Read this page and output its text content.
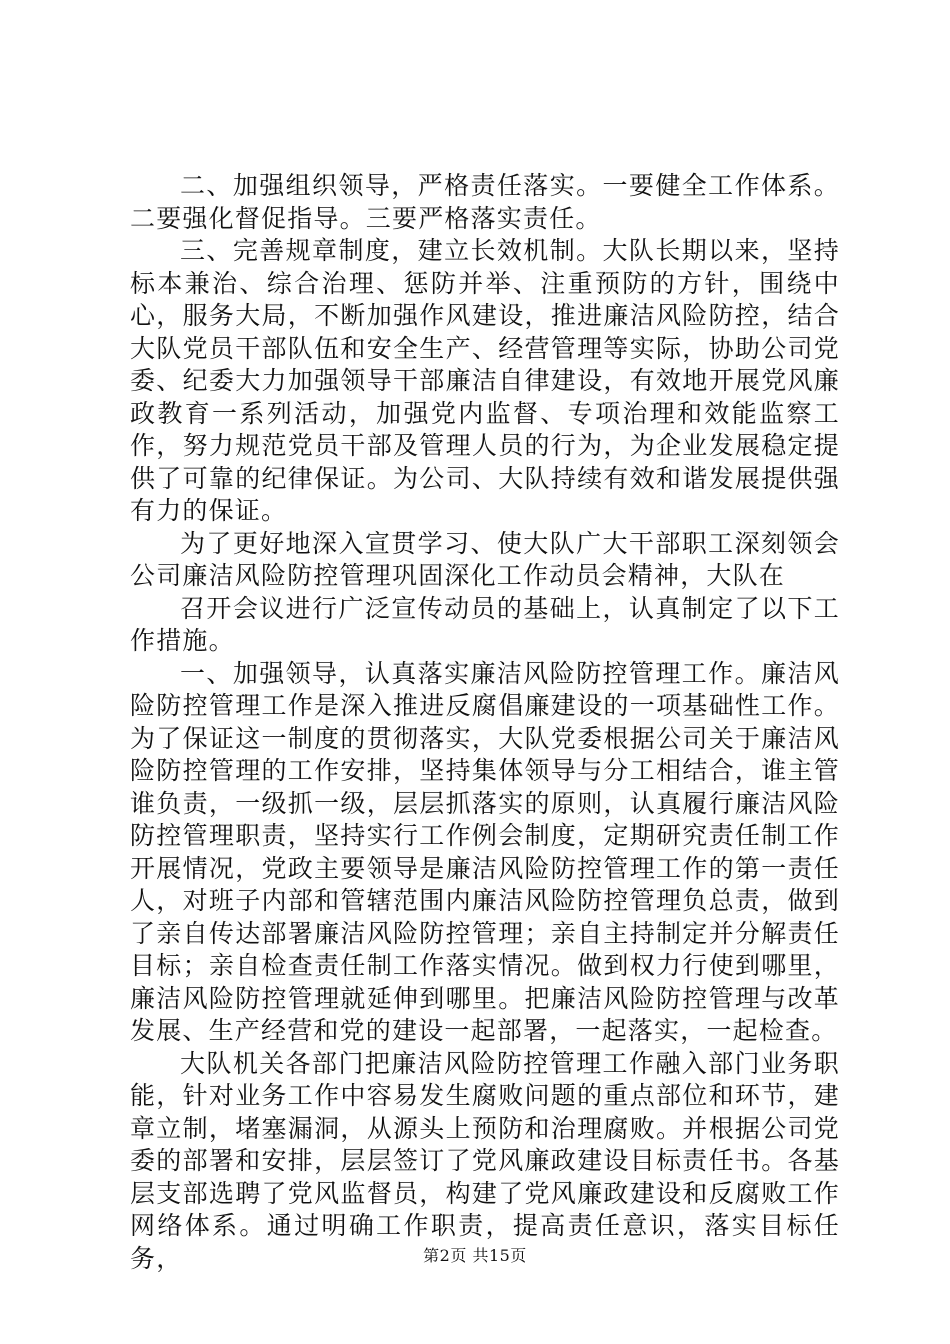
二、加强组织领导，严格责任落实。一要健全工作体系。二要强化督促指导。三要严格落实责任。

三、完善规章制度，建立长效机制。大队长期以来，坚持标本兼治、综合治理、惩防并举、注重预防的方针，围绕中心，服务大局，不断加强作风建设，推进廉洁风险防控，结合大队党员干部队伍和安全生产、经营管理等实际，协助公司党委、纪委大力加强领导干部廉洁自律建设，有效地开展党风廉政教育一系列活动，加强党内监督、专项治理和效能监察工作，努力规范党员干部及管理人员的行为，为企业发展稳定提供了可靠的纪律保证。为公司、大队持续有效和谐发展提供强有力的保证。

为了更好地深入宣贯学习、使大队广大干部职工深刻领会公司廉洁风险防控管理巩固深化工作动员会精神，大队在

召开会议进行广泛宣传动员的基础上，认真制定了以下工作措施。

一、加强领导，认真落实廉洁风险防控管理工作。廉洁风险防控管理工作是深入推进反腐倡廉建设的一项基础性工作。为了保证这一制度的贯彻落实，大队党委根据公司关于廉洁风险防控管理的工作安排，坚持集体领导与分工相结合，谁主管谁负责，一级抓一级，层层抓落实的原则，认真履行廉洁风险防控管理职责，坚持实行工作例会制度，定期研究责任制工作开展情况，党政主要领导是廉洁风险防控管理工作的第一责任人，对班子内部和管辖范围内廉洁风险防控管理负总责，做到了亲自传达部署廉洁风险防控管理；亲自主持制定并分解责任目标；亲自检查责任制工作落实情况。做到权力行使到哪里，廉洁风险防控管理就延伸到哪里。把廉洁风险防控管理与改革发展、生产经营和党的建设一起部署，一起落实，一起检查。

大队机关各部门把廉洁风险防控管理工作融入部门业务职能，针对业务工作中容易发生腐败问题的重点部位和环节，建章立制，堵塞漏洞，从源头上预防和治理腐败。并根据公司党委的部署和安排，层层签订了党风廉政建设目标责任书。各基层支部选聘了党风监督员，构建了党风廉政建设和反腐败工作网络体系。通过明确工作职责，提高责任意识，落实目标任务，	第2页 共15页
